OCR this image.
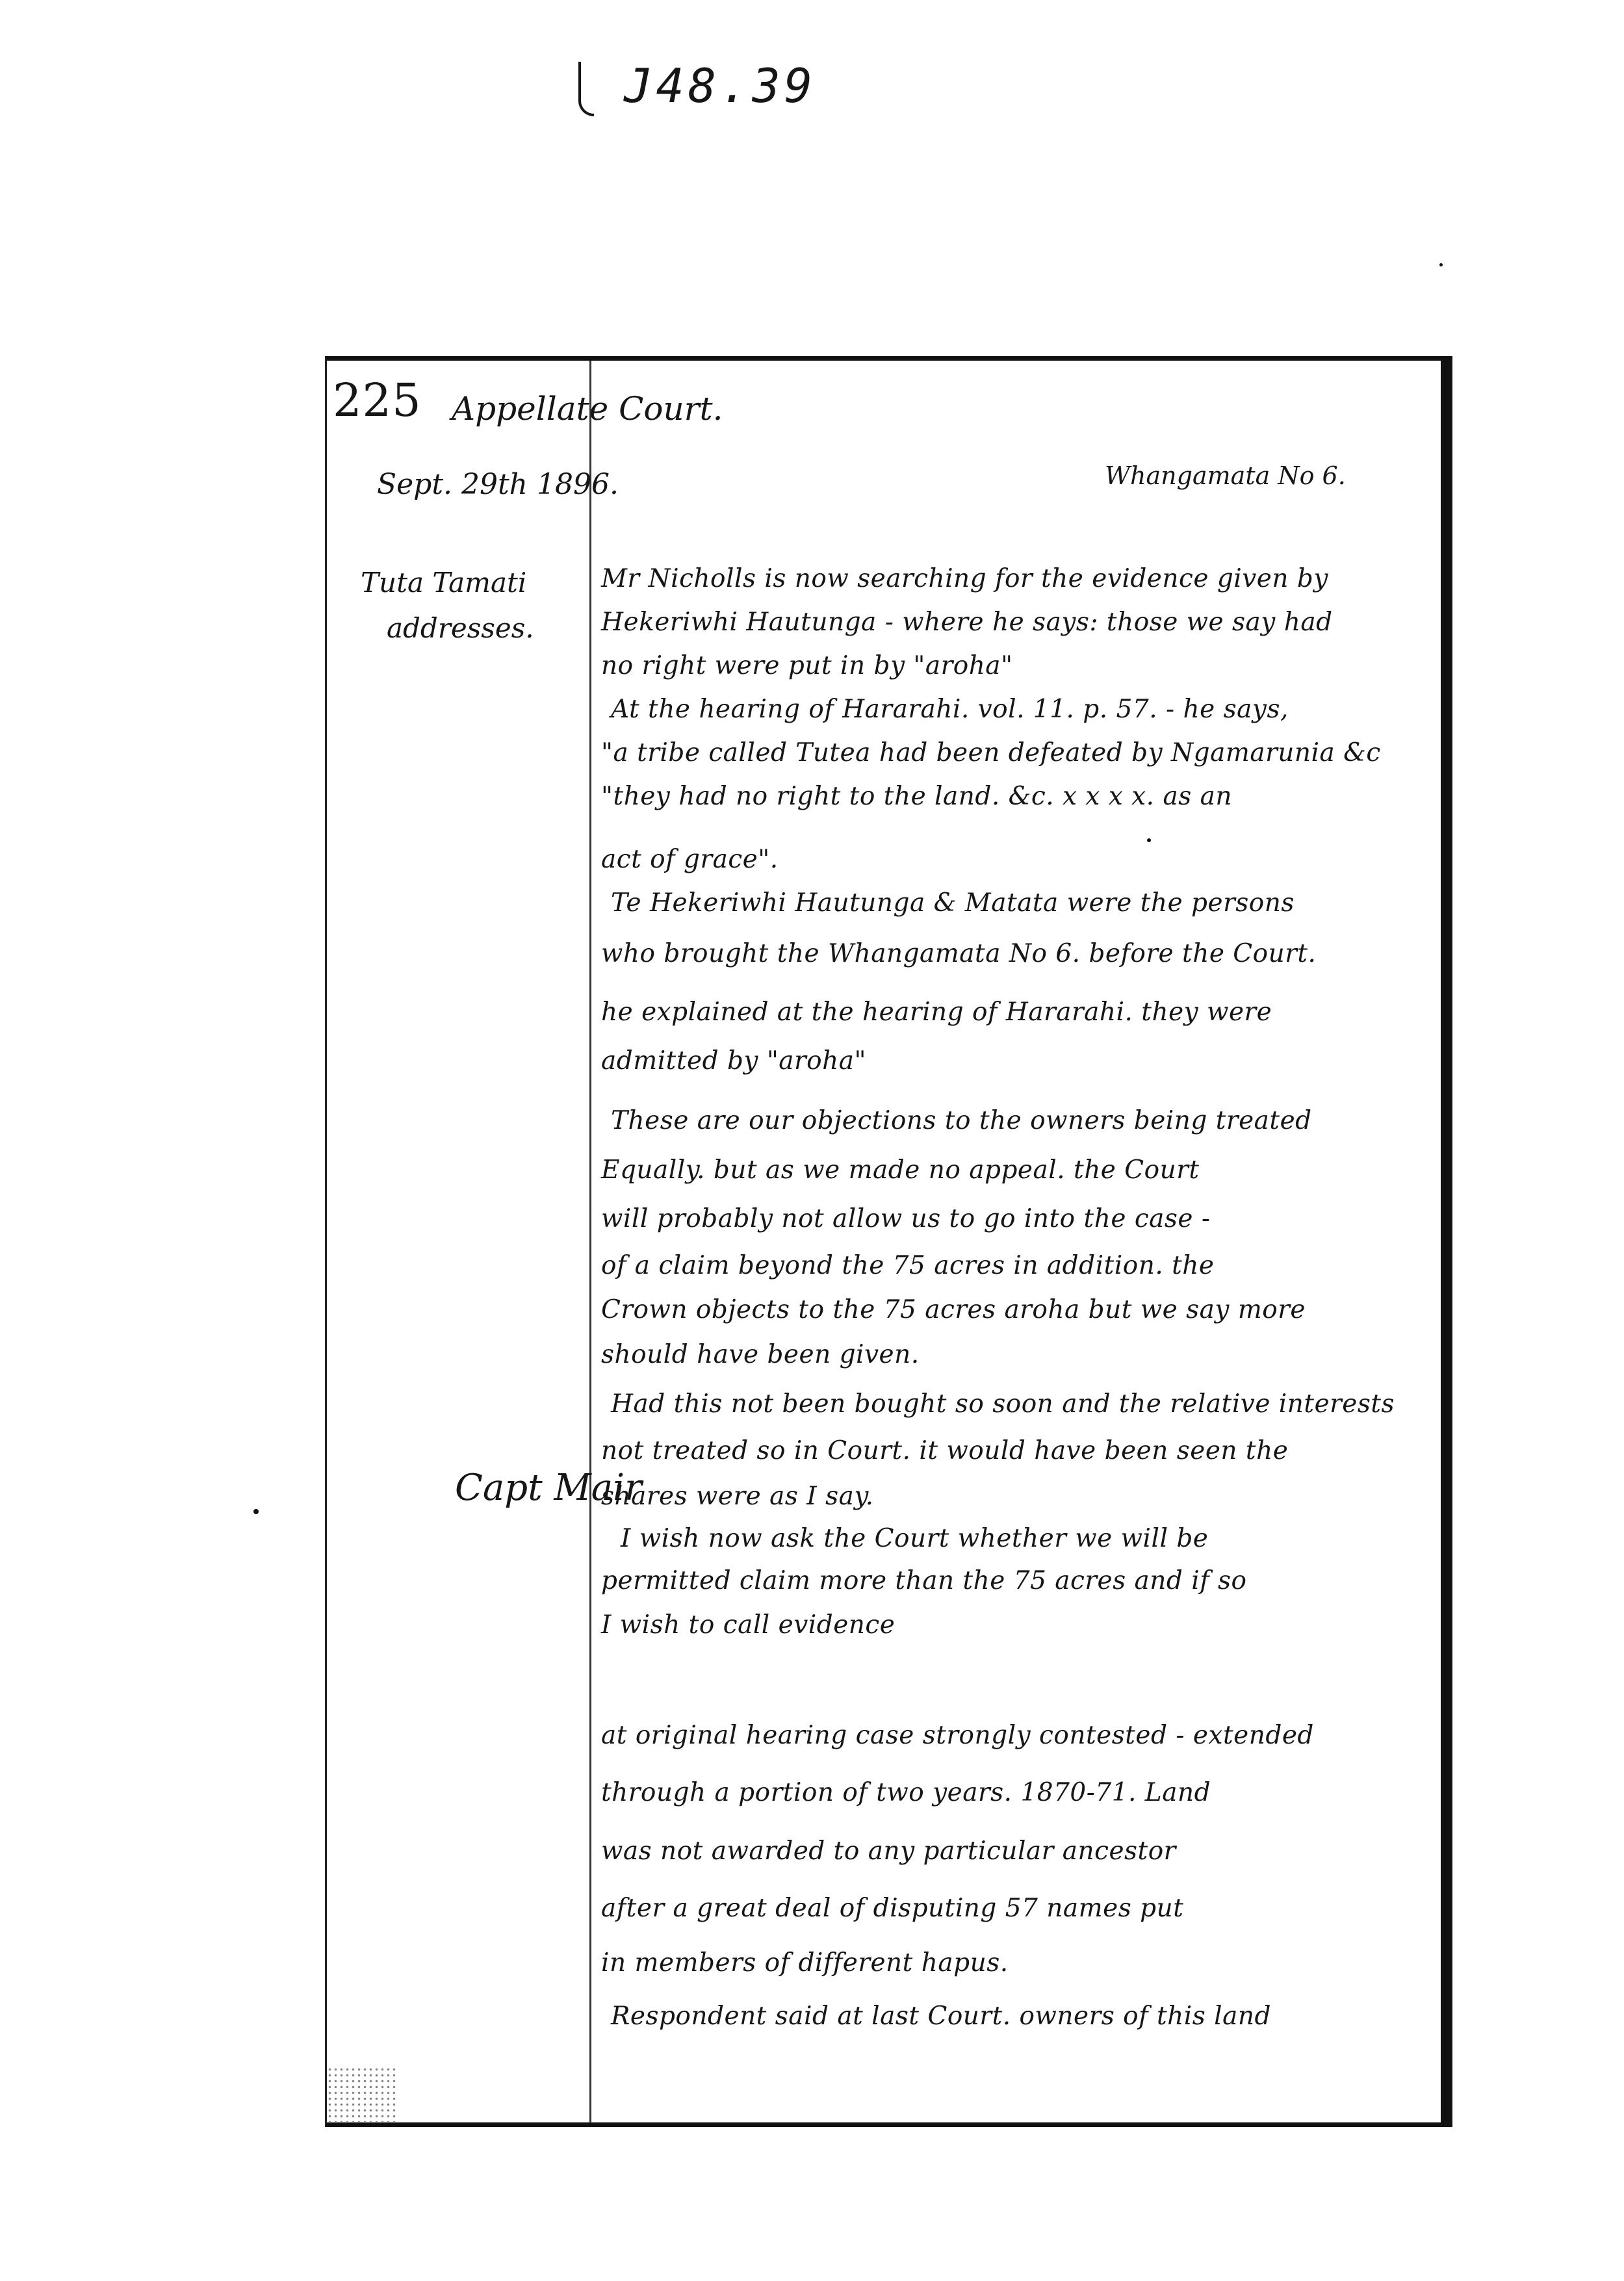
J48.39
225 Appellate Court.
Sept. 29th 1896.	Whangamata No 6.
Tuta Tamati
addresses.
Capt Mair
Mr Nicholls is now searching for the evidence given by
Hekeriwhi Hautunga - where he says: those we say had
no right were put in by "aroha"
At the hearing of Hararahi. vol. 11. p. 57. - he says,
"a tribe called Tutea had been defeated by Ngamarunia &c
"they had no right to the land. &c. x x x x. as an
act of grace".
Te Hekeriwhi Hautunga & Matata were the persons
who brought the Whangamata No 6. before the Court.
he explained at the hearing of Hararahi. they were
admitted by "aroha"
These are our objections to the owners being treated
Equally. but as we made no appeal. the Court
will probably not allow us to go into the case -
of a claim beyond the 75 acres in addition. the
Crown objects to the 75 acres aroha but we say more
should have been given.
Had this not been bought so soon and the relative interests
not treated so in Court. it would have been seen the
shares were as I say.
I wish now ask the Court whether we will be
permitted claim more than the 75 acres and if so
I wish to call evidence
at original hearing case strongly contested - extended
through a portion of two years. 1870-71. Land
was not awarded to any particular ancestor
after a great deal of disputing 57 names put
in members of different hapus.
Respondent said at last Court. owners of this land
